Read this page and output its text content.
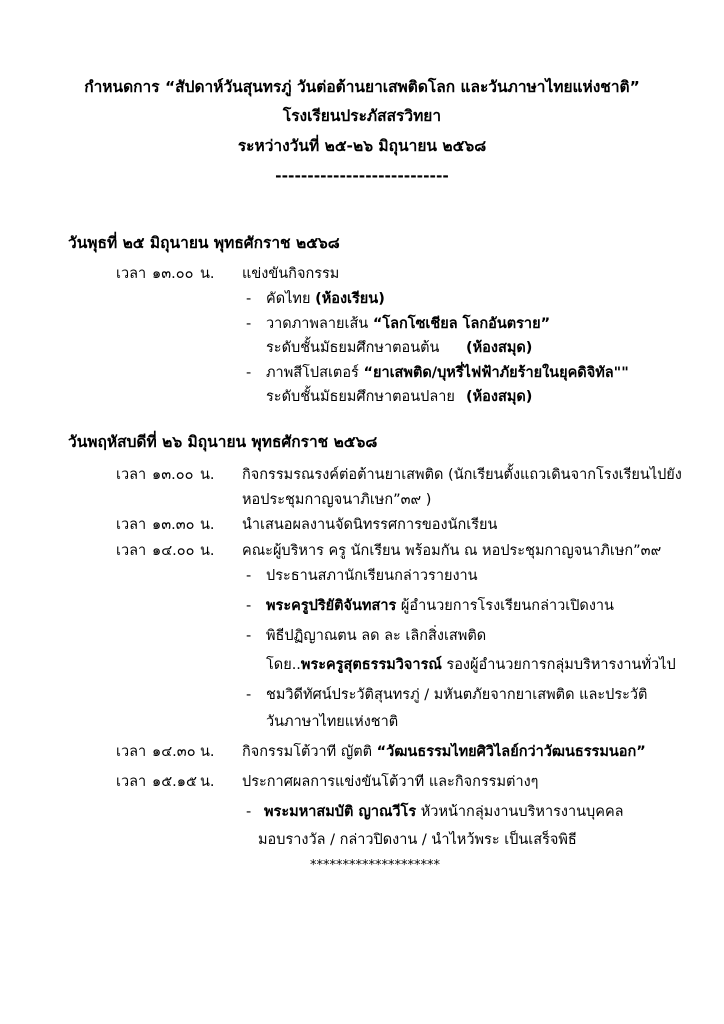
กำหนดการ “สัปดาห์วันสุนทรภู่ วันต่อต้านยาเสพติดโลก และวันภาษาไทยแห่งชาติ”
โรงเรียนประภัสสรวิทยา
ระหว่างวันที่ ๒๕-๒๖ มิถุนายน ๒๕๖๘
---------------------------
วันพุธที่ ๒๕ มิถุนายน พุทธศักราช ๒๕๖๘
เวลา ๑๓.๐๐ น. แข่งขันกิจกรรม
- คัดไทย (ห้องเรียน)
- วาดภาพลายเส้น “โลกโซเชียล โลกอันตราย”
ระดับชั้นมัธยมศึกษาตอนต้น (ห้องสมุด)
- ภาพสีโปสเตอร์ “ยาเสพติด/บุหรี่ไฟฟ้าภัยร้ายในยุคดิจิทัล""
ระดับชั้นมัธยมศึกษาตอนปลาย (ห้องสมุด)
วันพฤหัสบดีที่ ๒๖ มิถุนายน พุทธศักราช ๒๕๖๘
เวลา ๑๓.๐๐ น. กิจกรรมรณรงค์ต่อต้านยาเสพติด (นักเรียนตั้งแถวเดินจากโรงเรียนไปยัง
หอประชุมกาญจนาภิเษก”๓๙ )
เวลา ๑๓.๓๐ น. นำเสนอผลงานจัดนิทรรศการของนักเรียน
เวลา ๑๔.๐๐ น. คณะผู้บริหาร ครู นักเรียน พร้อมกัน ณ หอประชุมกาญจนาภิเษก”๓๙
- ประธานสภานักเรียนกล่าวรายงาน
- พระครูปริยัติจันทสาร ผู้อำนวยการโรงเรียนกล่าวเปิดงาน
- พิธีปฏิญาณตน ลด ละ เลิกสิ่งเสพติด
โดย..พระครูสุตธรรมวิจารณ์ รองผู้อำนวยการกลุ่มบริหารงานทั่วไป
- ชมวิดีทัศน์ประวัติสุนทรภู่ / มหันตภัยจากยาเสพติด และประวัติ
วันภาษาไทยแห่งชาติ
เวลา ๑๔.๓๐ น. กิจกรรมโต้วาที ญัตติ “วัฒนธรรมไทยศิวิไลย์กว่าวัฒนธรรมนอก”
เวลา ๑๕.๑๕ น. ประกาศผลการแข่งขันโต้วาที และกิจกรรมต่างๆ
- พระมหาสมบัติ ญาณวีโร หัวหน้ากลุ่มงานบริหารงานบุคคล
มอบรางวัล / กล่าวปิดงาน / นำไหว้พระ เป็นเสร็จพิธี
********************
